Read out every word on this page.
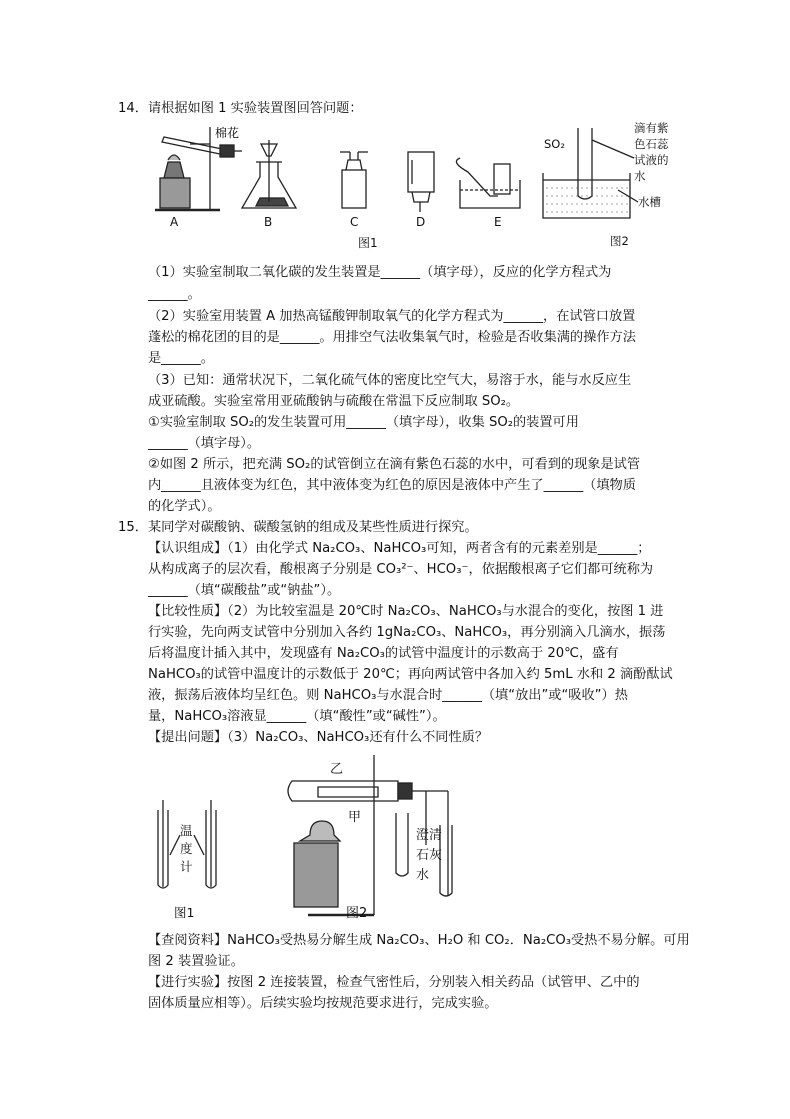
14．请根据如图 1 实验装置图回答问题：
棉花
A	B	C	D	E
图1
SO₂
滴有紫
色石蕊
试液的
水
水槽
图2
（1）实验室制取二氧化碳的发生装置是______（填字母），反应的化学方程式为
______。
（2）实验室用装置 A 加热高锰酸钾制取氧气的化学方程式为______，在试管口放置
蓬松的棉花团的目的是______。用排空气法收集氧气时，检验是否收集满的操作方法
是______。
（3）已知：通常状况下，二氧化硫气体的密度比空气大，易溶于水，能与水反应生
成亚硫酸。实验室常用亚硫酸钠与硫酸在常温下反应制取 SO₂。
①实验室制取 SO₂的发生装置可用______（填字母），收集 SO₂的装置可用
______（填字母）。
②如图 2 所示，把充满 SO₂的试管倒立在滴有紫色石蕊的水中，可看到的现象是试管
内______且液体变为红色，其中液体变为红色的原因是液体中产生了______（填物质
的化学式）。
15．某同学对碳酸钠、碳酸氢钠的组成及某些性质进行探究。
【认识组成】（1）由化学式 Na₂CO₃、NaHCO₃可知，两者含有的元素差别是______；
从构成离子的层次看，酸根离子分别是 CO₃²⁻、HCO₃⁻，依据酸根离子它们都可统称为
______（填“碳酸盐”或“钠盐”）。
【比较性质】（2）为比较室温是 20℃时 Na₂CO₃、NaHCO₃与水混合的变化，按图 1 进
行实验，先向两支试管中分别加入各约 1gNa₂CO₃、NaHCO₃，再分别滴入几滴水，振荡
后将温度计插入其中，发现盛有 Na₂CO₃的试管中温度计的示数高于 20℃，盛有
NaHCO₃的试管中温度计的示数低于 20℃；再向两试管中各加入约 5mL 水和 2 滴酚酞试
液，振荡后液体均呈红色。则 NaHCO₃与水混合时______（填“放出”或“吸收”）热
量，NaHCO₃溶液显______（填“酸性”或“碱性”）。
【提出问题】（3）Na₂CO₃、NaHCO₃还有什么不同性质？
温
度
计
图1
乙
甲
澄清
石灰
水
图2
【查阅资料】NaHCO₃受热易分解生成 Na₂CO₃、H₂O 和 CO₂．Na₂CO₃受热不易分解。可用
图 2 装置验证。
【进行实验】按图 2 连接装置，检查气密性后，分别装入相关药品（试管甲、乙中的
固体质量应相等）。后续实验均按规范要求进行，完成实验。
